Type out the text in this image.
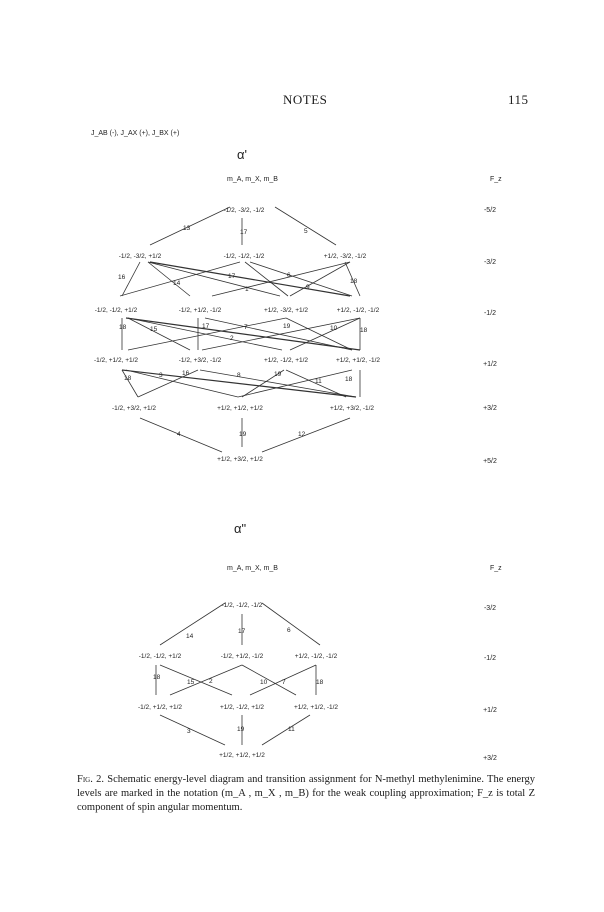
NOTES	115
J_AB (-), J_AX (+), J_BX (+)
α'
m_A, m_X, m_B	F_z
13
17	5
16
14
17	6
1	9
18
18	15	17	7	19	10	18
2
3	16	8	19
11	18
18
4	19	12
-1/2, -3/2, -1/2
-1/2, -3/2, +1/2	-1/2, -1/2, -1/2	+1/2, -3/2, -1/2
-1/2, -1/2, +1/2	-1/2, +1/2, -1/2	+1/2, -3/2, +1/2	+1/2, -1/2, -1/2
-1/2, +1/2, +1/2	-1/2, +3/2, -1/2	+1/2, -1/2, +1/2	+1/2, +1/2, -1/2
-1/2, +3/2, +1/2	+1/2, +1/2, +1/2	+1/2, +3/2, -1/2
+1/2, +3/2, +1/2
-5/2
-3/2
-1/2
+1/2
+3/2
+5/2
α"
m_A, m_X, m_B	F_z
14
17	6
18
15 2	10 7	18
3	19	11
-1/2, -1/2, -1/2
-1/2, -1/2, +1/2	-1/2, +1/2, -1/2	+1/2, -1/2, -1/2
-1/2, +1/2, +1/2	+1/2, -1/2, +1/2	+1/2, +1/2, -1/2
+1/2, +1/2, +1/2
-3/2
-1/2
+1/2
+3/2
Fig. 2. Schematic energy-level diagram and transition assignment for N-methyl methylenimine. The energy levels are marked in the notation (m_A , m_X , m_B) for the weak coupling approximation; F_z is total Z component of spin angular momentum.
